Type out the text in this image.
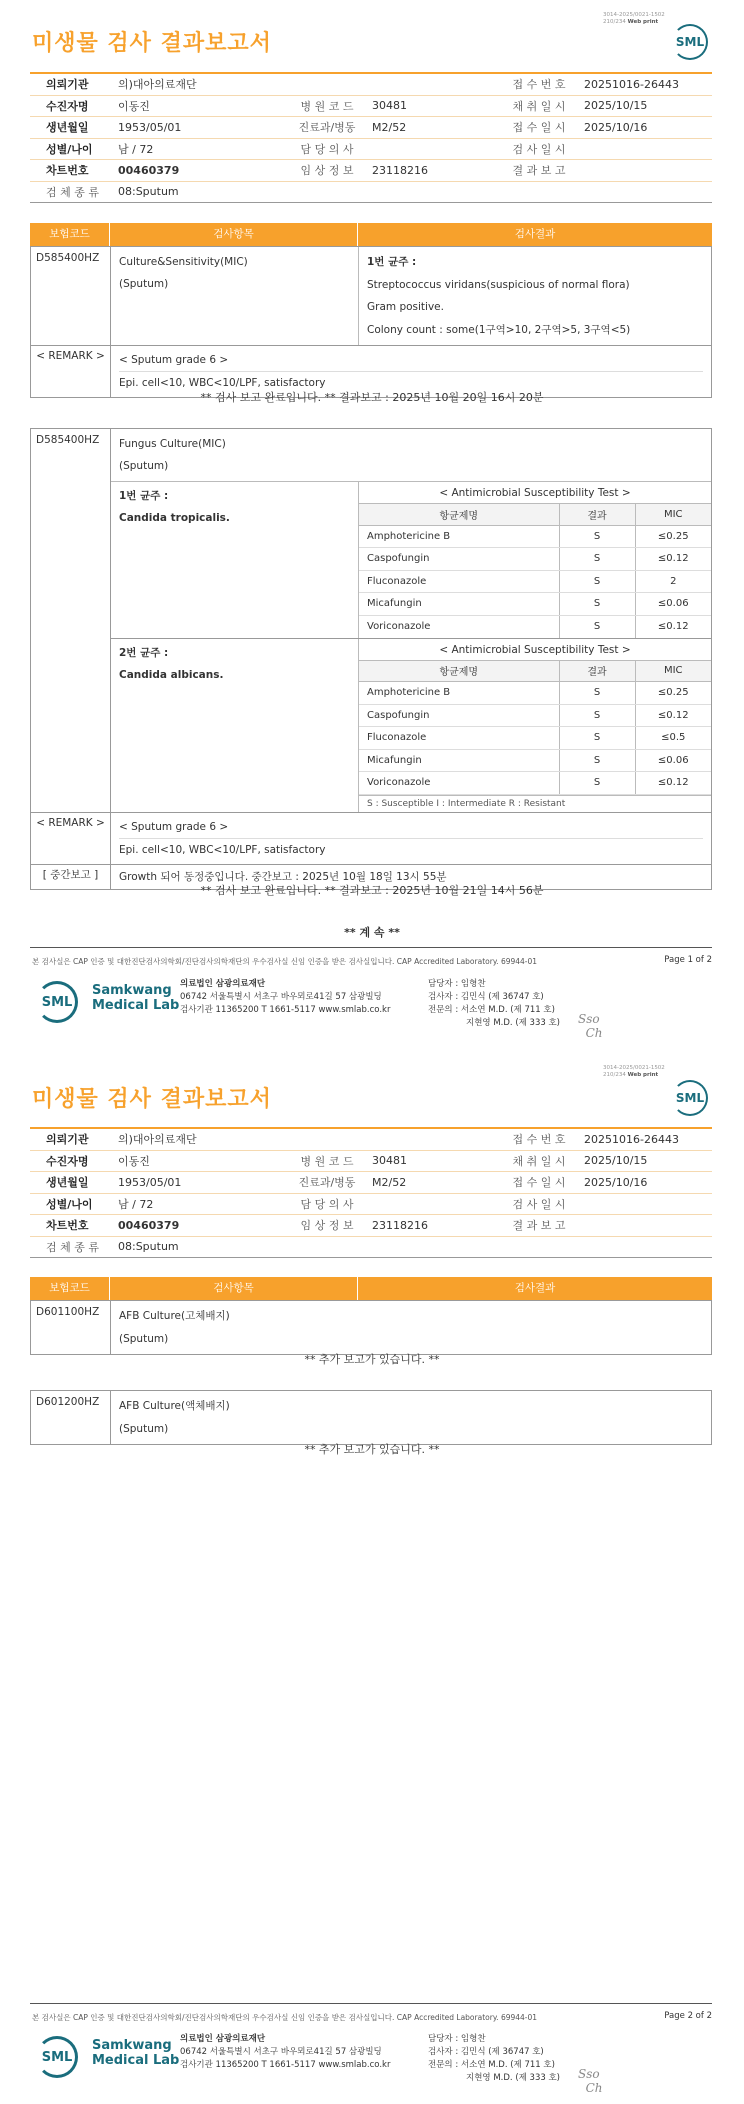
3014-2025/0021-1502
210/234 Web print
미생물 검사 결과보고서	SML
의뢰기관	의)대아의료재단	접 수 번 호	20251016-26443
수진자명	이동진	병 원 코 드	30481	채 취 일 시	2025/10/15
생년월일	1953/05/01	진료과/병동	M2/52	접 수 일 시	2025/10/16
성별/나이	남 / 72	담 당 의 사	검 사 일 시
차트번호	00460379	임 상 정 보	23118216	결 과 보 고
검 체 종 류	08:Sputum
보험코드	검사항목	검사결과
D585400HZ	Culture&Sensitivity(MIC)
(Sputum)
1번 균주 :
Streptococcus viridans(suspicious of normal flora)
Gram positive.
Colony count : some(1구역>10, 2구역>5, 3구역<5)
< REMARK >	< Sputum grade 6 >
Epi. cell<10, WBC<10/LPF, satisfactory
** 검사 보고 완료입니다. ** 결과보고 : 2025년 10월 20일 16시 20분
D585400HZ	Fungus Culture(MIC)
(Sputum)
1번 균주 :
Candida tropicalis.
< Antimicrobial Susceptibility Test >
항균제명	결과	MIC
Amphotericine B	S	≤0.25
Caspofungin	S	≤0.12
Fluconazole	S	2
Micafungin	S	≤0.06
Voriconazole	S	≤0.12
2번 균주 :
Candida albicans.
< Antimicrobial Susceptibility Test >
항균제명	결과	MIC
Amphotericine B	S	≤0.25
Caspofungin	S	≤0.12
Fluconazole	S	≤0.5
Micafungin	S	≤0.06
Voriconazole	S	≤0.12
S : Susceptible I : Intermediate R : Resistant
< REMARK >	< Sputum grade 6 >
Epi. cell<10, WBC<10/LPF, satisfactory
[ 중간보고 ]	Growth 되어 동정중입니다. 중간보고 : 2025년 10월 18일 13시 55분
** 검사 보고 완료입니다. ** 결과보고 : 2025년 10월 21일 14시 56분
** 계 속 **
본 검사실은 CAP 인증 및 대한진단검사의학회/진단검사의학재단의 우수검사실 신임 인증을 받은 검사실입니다. CAP Accredited Laboratory. 69944-01	Page 1 of 2
SML
Samkwang
Medical Lab
의료법인 삼광의료재단
06742 서울특별시 서초구 바우뫼로41길 57 삼광빌딩
검사기관 11365200 T 1661-5117 www.smlab.co.kr
담당자 : 임형찬
검사자 : 김민식 (제 36747 호)
전문의 : 서소연 M.D. (제 711 호)
지현영 M.D. (제 333 호) Sso
Ch
3014-2025/0021-1502
210/234 Web print
미생물 검사 결과보고서	SML
의뢰기관	의)대아의료재단	접 수 번 호	20251016-26443
수진자명	이동진	병 원 코 드	30481	채 취 일 시	2025/10/15
생년월일	1953/05/01	진료과/병동	M2/52	접 수 일 시	2025/10/16
성별/나이	남 / 72	담 당 의 사	검 사 일 시
차트번호	00460379	임 상 정 보	23118216	결 과 보 고
검 체 종 류	08:Sputum
보험코드	검사항목	검사결과
D601100HZ	AFB Culture(고체배지)
(Sputum)
** 추가 보고가 있습니다. **
D601200HZ	AFB Culture(액체배지)
(Sputum)
** 추가 보고가 있습니다. **
본 검사실은 CAP 인증 및 대한진단검사의학회/진단검사의학재단의 우수검사실 신임 인증을 받은 검사실입니다. CAP Accredited Laboratory. 69944-01	Page 2 of 2
SML
Samkwang
Medical Lab
의료법인 삼광의료재단
06742 서울특별시 서초구 바우뫼로41길 57 삼광빌딩
검사기관 11365200 T 1661-5117 www.smlab.co.kr
담당자 : 임형찬
검사자 : 김민식 (제 36747 호)
전문의 : 서소연 M.D. (제 711 호)
지현영 M.D. (제 333 호) Sso
Ch
